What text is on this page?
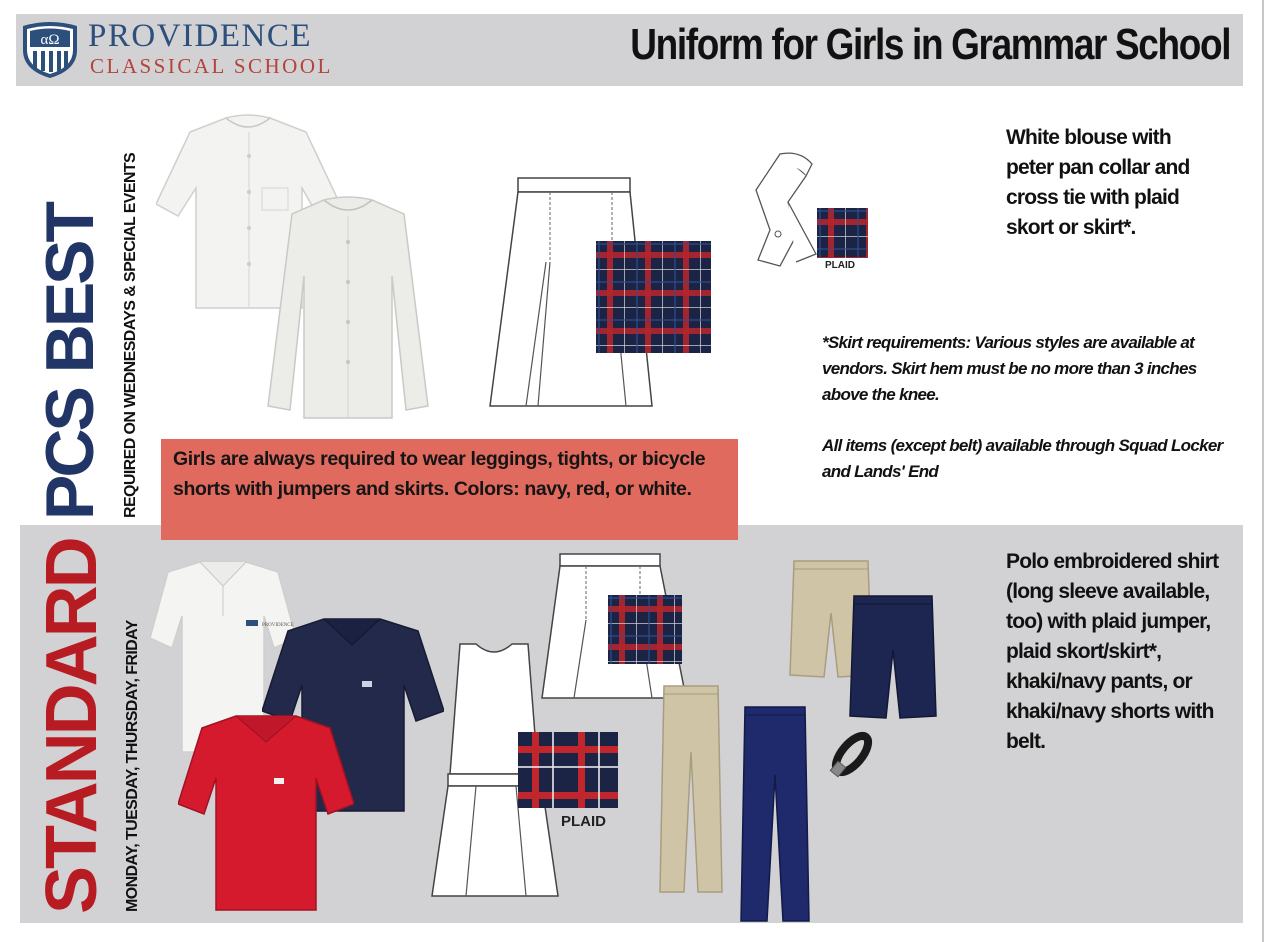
αΩ PROVIDENCE
CLASSICAL SCHOOL	Uniform for Girls in Grammar School
PCS BEST REQUIRED ON WEDNESDAYS & SPECIAL EVENTS
STANDARD MONDAY, TUESDAY, THURSDAY, FRIDAY
PLAID
White blouse with peter pan collar and cross tie with plaid skort or skirt*.
*Skirt requirements: Various styles are available at vendors. Skirt hem must be no more than 3 inches above the knee.
All items (except belt) available through Squad Locker and Lands' End
Girls are always required to wear leggings, tights, or bicycle shorts with jumpers and skirts. Colors: navy, red, or white.
PROVIDENCE
PLAID
Polo embroidered shirt (long sleeve available, too) with plaid jumper, plaid skort/skirt*, khaki/navy pants, or khaki/navy shorts with belt.
